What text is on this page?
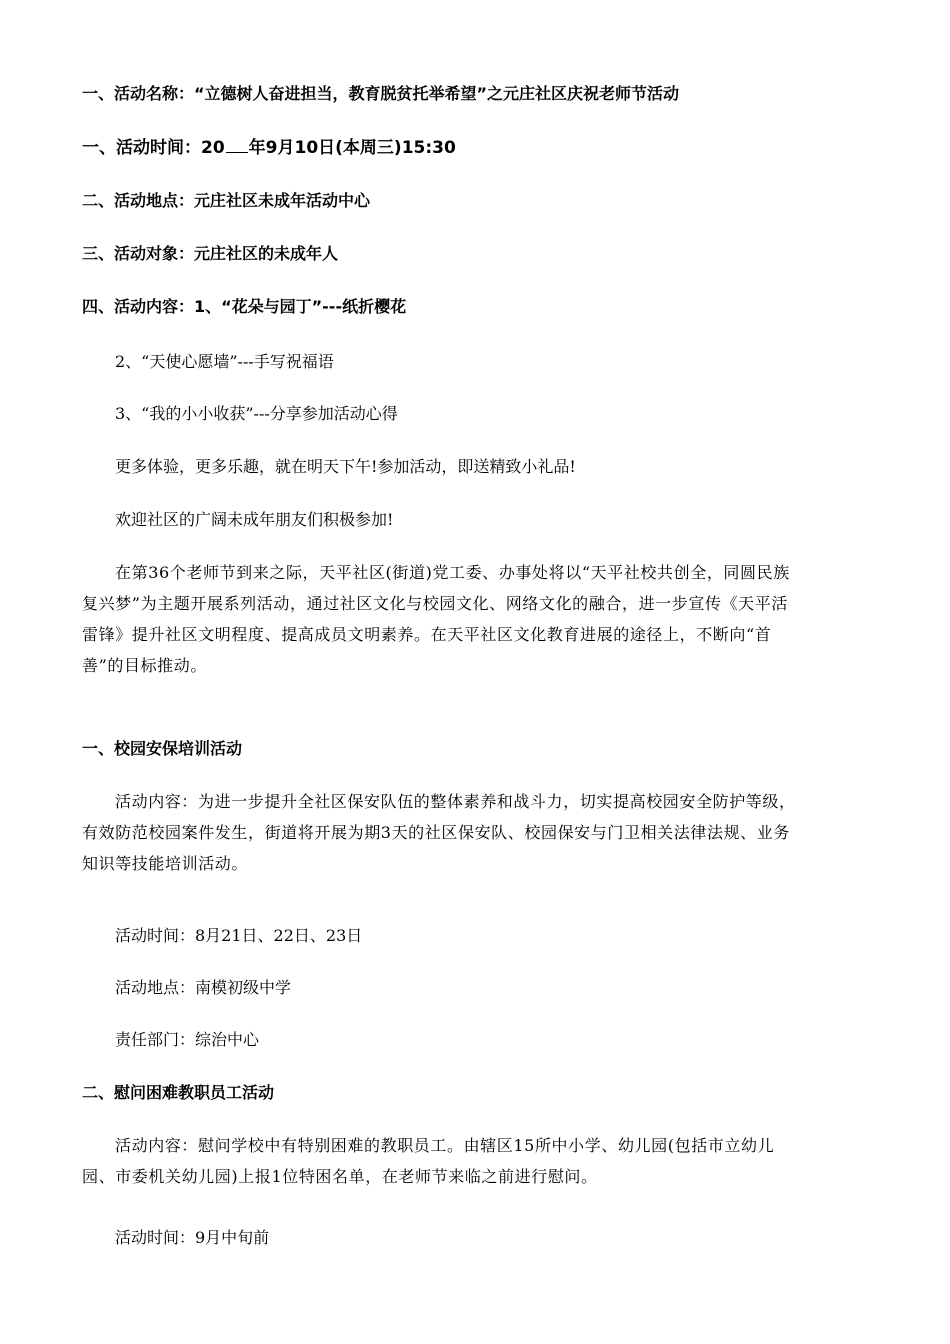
一、活动名称：“立德树人奋进担当，教育脱贫托举希望”之元庄社区庆祝老师节活动
一、活动时间：20 年9月10日(本周三)15:30
二、活动地点：元庄社区未成年活动中心
三、活动对象：元庄社区的未成年人
四、活动内容：1、“花朵与园丁”---纸折樱花
2、“天使心愿墙”---手写祝福语
3、“我的小小收获”---分享参加活动心得
更多体验，更多乐趣，就在明天下午!参加活动，即送精致小礼品!
欢迎社区的广阔未成年朋友们积极参加!
在第36个老师节到来之际，天平社区(街道)党工委、办事处将以“天平社校共创全，同圆民族
复兴梦”为主题开展系列活动，通过社区文化与校园文化、网络文化的融合，进一步宣传《天平活
雷锋》提升社区文明程度、提高成员文明素养。在天平社区文化教育进展的途径上，不断向“首
善”的目标推动。
一、校园安保培训活动
活动内容：为进一步提升全社区保安队伍的整体素养和战斗力，切实提高校园安全防护等级，
有效防范校园案件发生，街道将开展为期3天的社区保安队、校园保安与门卫相关法律法规、业务
知识等技能培训活动。
活动时间：8月21日、22日、23日
活动地点：南模初级中学
责任部门：综治中心
二、慰问困难教职员工活动
活动内容：慰问学校中有特别困难的教职员工。由辖区15所中小学、幼儿园(包括市立幼儿
园、市委机关幼儿园)上报1位特困名单，在老师节来临之前进行慰问。
活动时间：9月中旬前
